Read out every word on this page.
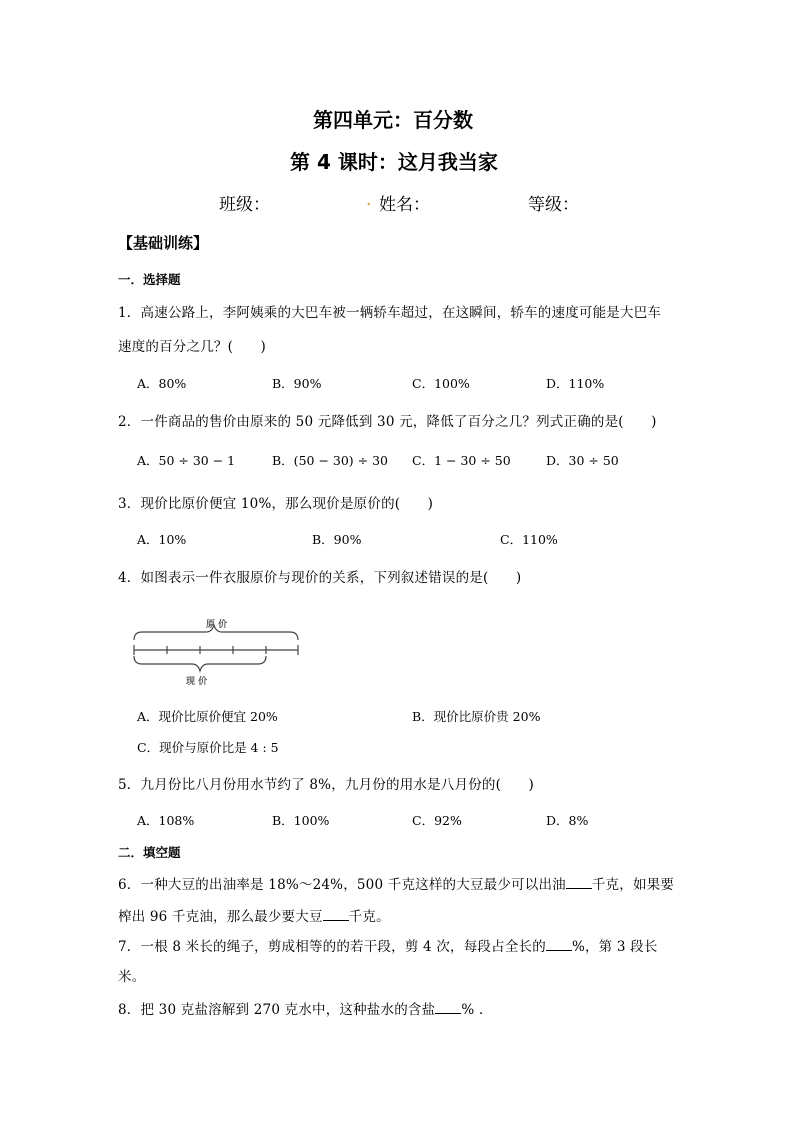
第四单元：百分数
第 4 课时：这月我当家
班级：	. 姓名：	等级：
【基础训练】
一．选择题
1．高速公路上，李阿姨乘的大巴车被一辆轿车超过，在这瞬间，轿车的速度可能是大巴车
速度的百分之几？(　　)
A．80%	B．90%	C．100%	D．110%
2．一件商品的售价由原来的 50 元降低到 30 元，降低了百分之几？列式正确的是(　　)
A．50 ÷ 30 − 1	B．(50 − 30) ÷ 30 C．1 − 30 ÷ 50	D．30 ÷ 50
3．现价比原价便宜 10%，那么现价是原价的(　　)
A．10%	B．90%	C．110%
4．如图表示一件衣服原价与现价的关系，下列叙述错误的是(　　)
原 价
现 价
A．现价比原价便宜 20%	B．现价比原价贵 20%
C．现价与原价比是 4 : 5
5．九月份比八月份用水节约了 8%，九月份的用水是八月份的(　　)
A．108%	B．100%	C．92%	D．8%
二．填空题
6．一种大豆的出油率是 18%～24%，500 千克这样的大豆最少可以出油 千克，如果要
榨出 96 千克油，那么最少要大豆 千克。
7．一根 8 米长的绳子，剪成相等的的若干段，剪 4 次，每段占全长的 %，第 3 段长
米。
8．把 30 克盐溶解到 270 克水中，这种盐水的含盐 % .
